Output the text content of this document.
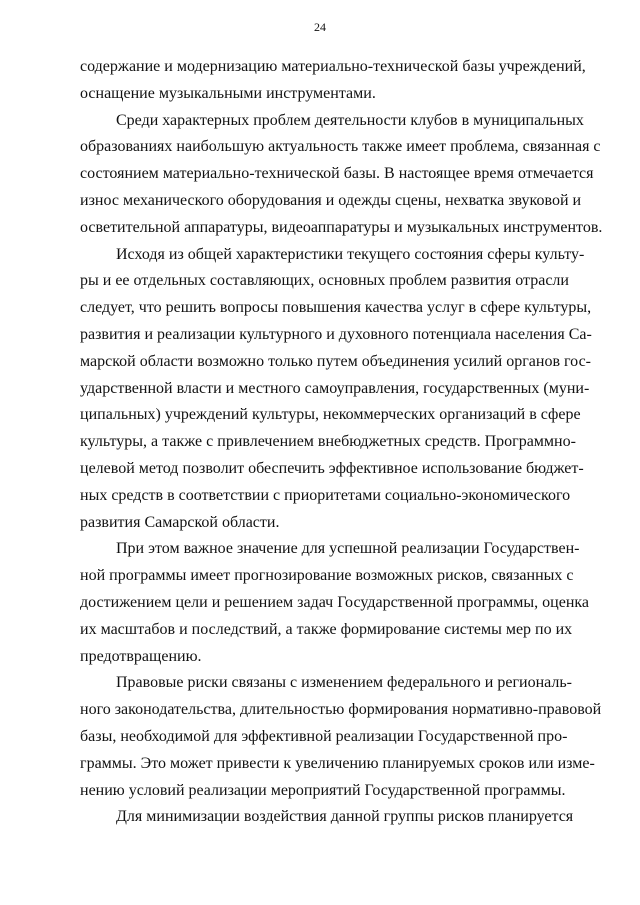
24
содержание и модернизацию материально-технической базы учреждений,
оснащение музыкальными инструментами.
Среди характерных проблем деятельности клубов в муниципальных
образованиях наибольшую актуальность также имеет проблема, связанная с
состоянием материально-технической базы. В настоящее время отмечается
износ механического оборудования и одежды сцены, нехватка звуковой и
осветительной аппаратуры, видеоаппаратуры и музыкальных инструментов.
Исходя из общей характеристики текущего состояния сферы культу-
ры и ее отдельных составляющих, основных проблем развития отрасли
следует, что решить вопросы повышения качества услуг в сфере культуры,
развития и реализации культурного и духовного потенциала населения Са-
марской области возможно только путем объединения усилий органов гос-
ударственной власти и местного самоуправления, государственных (муни-
ципальных) учреждений культуры, некоммерческих организаций в сфере
культуры, а также с привлечением внебюджетных средств. Программно-
целевой метод позволит обеспечить эффективное использование бюджет-
ных средств в соответствии с приоритетами социально-экономического
развития Самарской области.
При этом важное значение для успешной реализации Государствен-
ной программы имеет прогнозирование возможных рисков, связанных с
достижением цели и решением задач Государственной программы, оценка
их масштабов и последствий, а также формирование системы мер по их
предотвращению.
Правовые риски связаны с изменением федерального и региональ-
ного законодательства, длительностью формирования нормативно-правовой
базы, необходимой для эффективной реализации Государственной про-
граммы. Это может привести к увеличению планируемых сроков или изме-
нению условий реализации мероприятий Государственной программы.
Для минимизации воздействия данной группы рисков планируется
